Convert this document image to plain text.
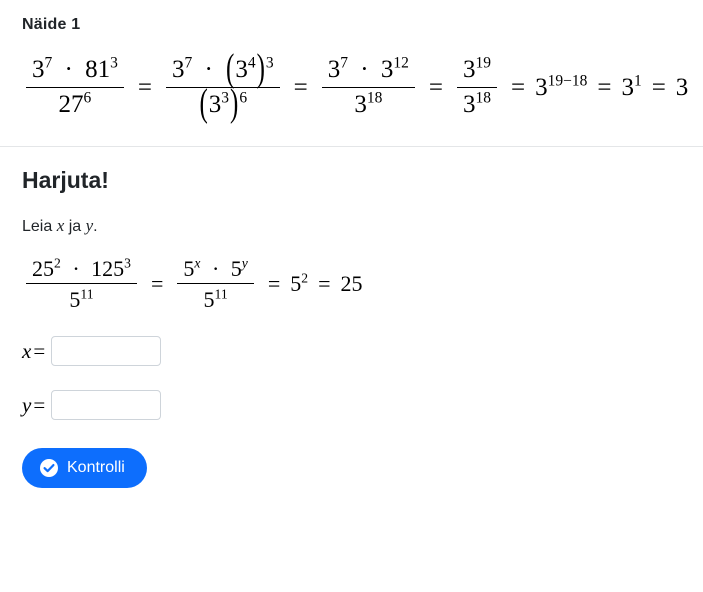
Näide 1
$\frac{3^7 \cdot 81^3}{27^6} = \frac{3^7 \cdot (3^4)^3}{(3^3)^6} = \frac{3^7 \cdot 3^{12}}{3^{18}} = \frac{3^{19}}{3^{18}} = 3^{19-18} = 3^1 = 3$
Harjuta!
Leia x ja y.
$\frac{25^2 \cdot 125^3}{5^{11}} = \frac{5^x \cdot 5^y}{5^{11}} = 5^2 = 25$
x =
y =
Kontrolli
